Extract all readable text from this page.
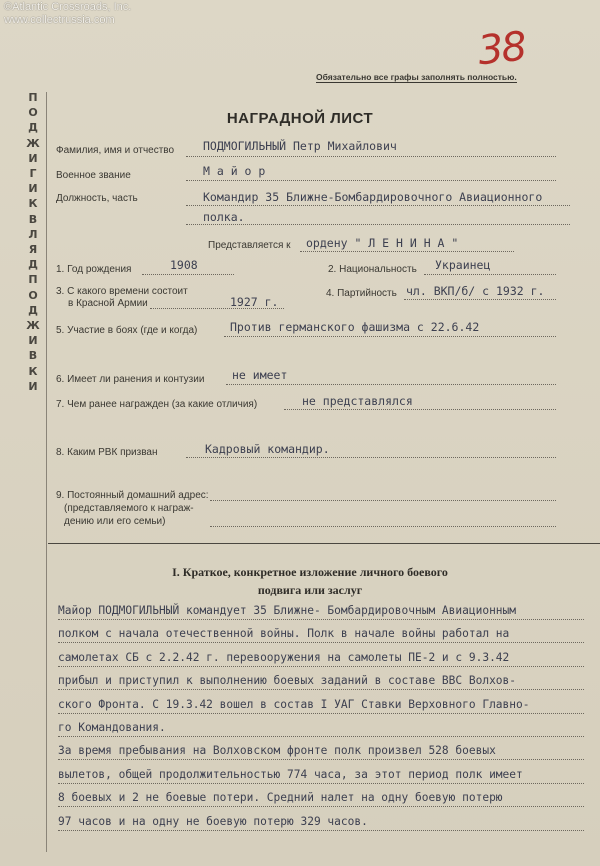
©Atlantic Crossroads, Inc.
www.collectrussia.com
38
Обязательно все графы заполнять полностью.
П
О
Д
Ж
И
Г
И
К
В
Л
Я
Д
П
О
Д
Ж
И
В
К
И
НАГРАДНОЙ ЛИСТ
Фамилия, имя и отчество	ПОДМОГИЛЬНЫЙ Петр Михайлович
Военное звание	М а й о р
Должность, часть	Командир 35 Ближне-Бомбардировочного Авиационного
полка.
Представляется к ордену " Л Е Н И Н А "
1. Год рождения	1908	2. Национальность Украинец
3. С какого времени состоит
в Красной Армии	1927 г.
4. Партийность чл. ВКП/б/ с 1932 г.
5. Участие в боях (где и когда)	Против германского фашизма с 22.6.42
6. Имеет ли ранения и контузии не имеет
7. Чем ранее награжден (за какие отличия)	не представлялся
8. Каким РВК призван	Кадровый командир.
9. Постоянный домашний адрес:
(представляемого к награж-
дению или его семьи)
I. Краткое, конкретное изложение личного боевого
подвига или заслуг
Майор ПОДМОГИЛЬНЫЙ командует 35 Ближне- Бомбардировочным Авиационным
полком с начала отечественной войны. Полк в начале войны работал на
самолетах СБ с 2.2.42 г. перевооружения на самолеты ПЕ-2 и с 9.3.42
прибыл и приступил к выполнению боевых заданий в составе ВВС Волхов-
ского Фронта. С 19.3.42 вошел в состав I УАГ Ставки Верховного Главно-
го Командования.
За время пребывания на Волховском фронте полк произвел 528 боевых
вылетов, общей продолжительностью 774 часа, за этот период полк имеет
8 боевых и 2 не боевые потери. Средний налет на одну боевую потерю
97 часов и на одну не боевую потерю 329 часов.
